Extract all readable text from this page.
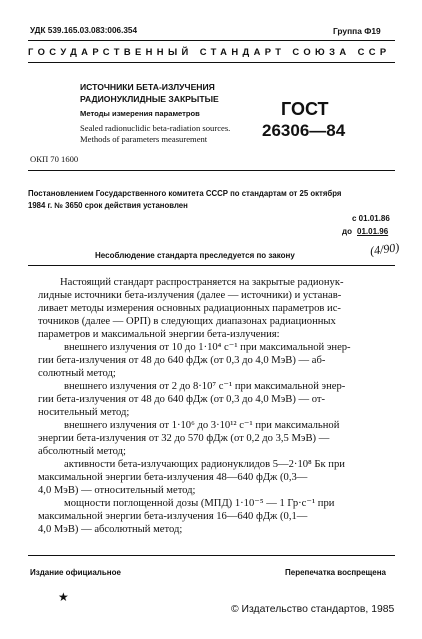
УДК 539.165.03.083:006.354	Группа Ф19
ГОСУДАРСТВЕННЫЙ СТАНДАРТ СОЮЗА ССР
ИСТОЧНИКИ БЕТА-ИЗЛУЧЕНИЯ
РАДИОНУКЛИДНЫЕ ЗАКРЫТЫЕ
Методы измерения параметров
Sealed radionuclidic beta-radiation sources.
Methods of parameters measurement
ГОСТ
26306—84
ОКП 70 1600
Постановлением Государственного комитета СССР по стандартам от 25 октября
1984 г. № 3650 срок действия установлен
с 01.01.86
до 01.01.96
(4/90)
Несоблюдение стандарта преследуется по закону
Настоящий стандарт распространяется на закрытые радионук-
лидные источники бета-излучения (далее — источники) и устанав-
ливает методы измерения основных радиационных параметров ис-
точников (далее — ОРП) в следующих диапазонах радиационных
параметров и максимальной энергии бета-излучения:
внешнего излучения от 10 до 1·10⁴ с⁻¹ при максимальной энер-
гии бета-излучения от 48 до 640 фДж (от 0,3 до 4,0 МэВ) — аб-
солютный метод;
внешнего излучения от 2 до 8·10⁷ с⁻¹ при максимальной энер-
гии бета-излучения от 48 до 640 фДж (от 0,3 до 4,0 МэВ) — от-
носительный метод;
внешнего излучения от 1·10⁶ до 3·10¹² с⁻¹ при максимальной
энергии бета-излучения от 32 до 570 фДж (от 0,2 до 3,5 МэВ) —
абсолютный метод;
активности бета-излучающих радионуклидов 5—2·10⁸ Бк при
максимальной энергии бета-излучения 48—640 фДж (0,3—
4,0 МэВ) — относительный метод;
мощности поглощенной дозы (МПД) 1·10⁻⁵ — 1 Гр·с⁻¹ при
максимальной энергии бета-излучения 16—640 фДж (0,1—
4,0 МэВ) — абсолютный метод;
Издание официальное	Перепечатка воспрещена
★
© Издательство стандартов, 1985
